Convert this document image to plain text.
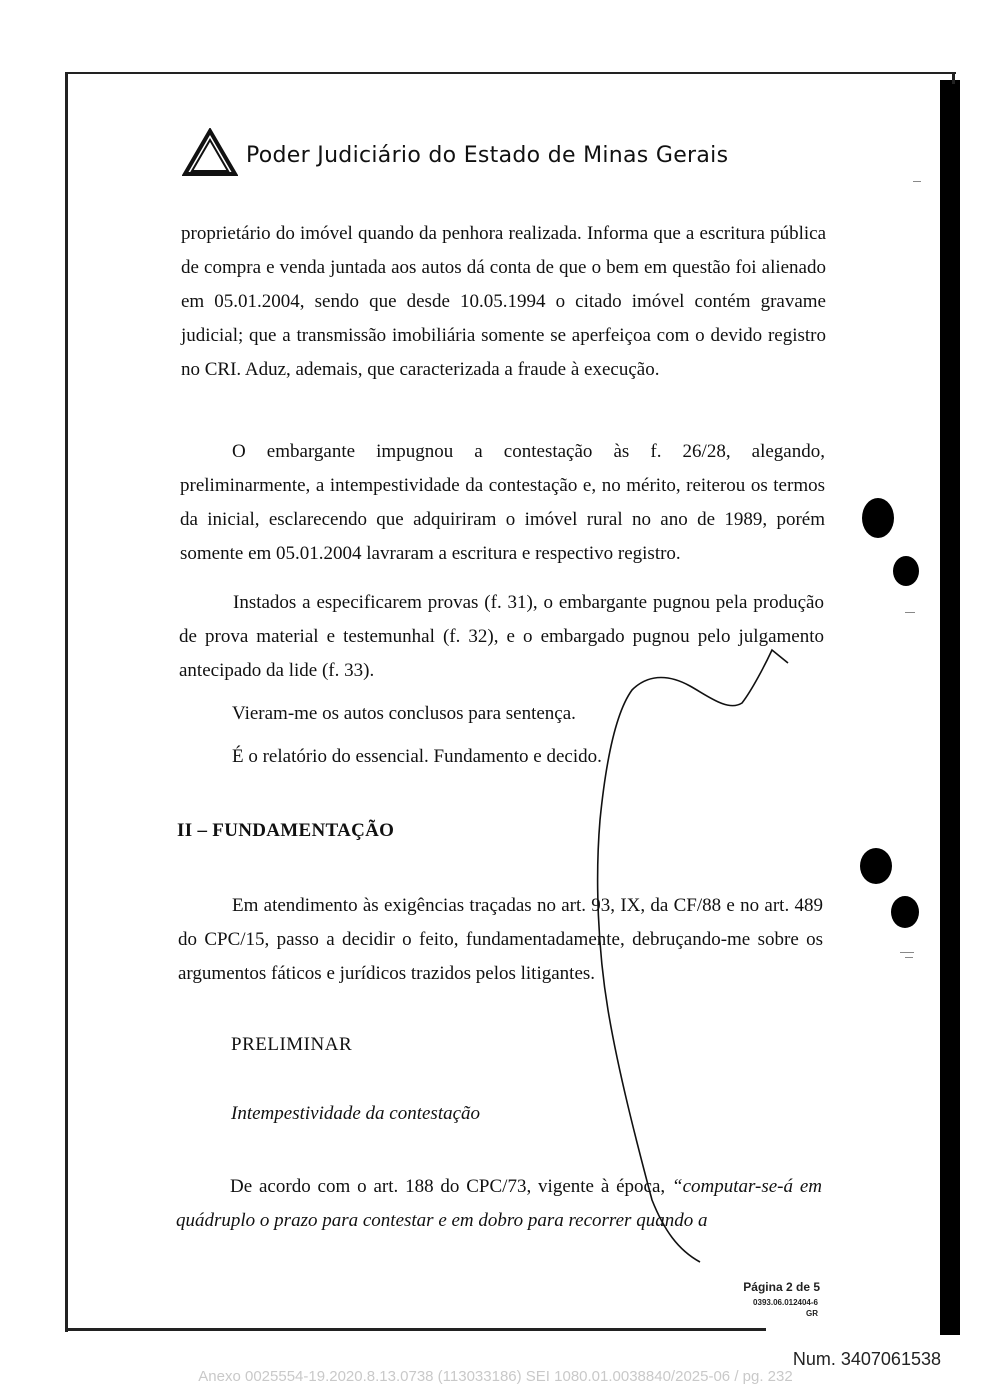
Poder Judiciário do Estado de Minas Gerais

proprietário do imóvel quando da penhora realizada. Informa que a escritura pública de compra e venda juntada aos autos dá conta de que o bem em questão foi alienado em 05.01.2004, sendo que desde 10.05.1994 o citado imóvel contém gravame judicial; que a transmissão imobiliária somente se aperfeiçoa com o devido registro no CRI. Aduz, ademais, que caracterizada a fraude à execução.

O embargante impugnou a contestação às f. 26/28, alegando, preliminarmente, a intempestividade da contestação e, no mérito, reiterou os termos da inicial, esclarecendo que adquiriram o imóvel rural no ano de 1989, porém somente em 05.01.2004 lavraram a escritura e respectivo registro.

Instados a especificarem provas (f. 31), o embargante pugnou pela produção de prova material e testemunhal (f. 32), e o embargado pugnou pelo julgamento antecipado da lide (f. 33).

Vieram-me os autos conclusos para sentença.

É o relatório do essencial. Fundamento e decido.

II – FUNDAMENTAÇÃO

Em atendimento às exigências traçadas no art. 93, IX, da CF/88 e no art. 489 do CPC/15, passo a decidir o feito, fundamentadamente, debruçando-me sobre os argumentos fáticos e jurídicos trazidos pelos litigantes.

PRELIMINAR
Intempestividade da contestação

De acordo com o art. 188 do CPC/73, vigente à época, “computar-se-á em quádruplo o prazo para contestar e em dobro para recorrer quando a

Página 2 de 5
0393.06.012404-6
GR
Num. 3407061538
Anexo 0025554-19.2020.8.13.0738 (113033186) SEI 1080.01.0038840/2025-06 / pg. 232
